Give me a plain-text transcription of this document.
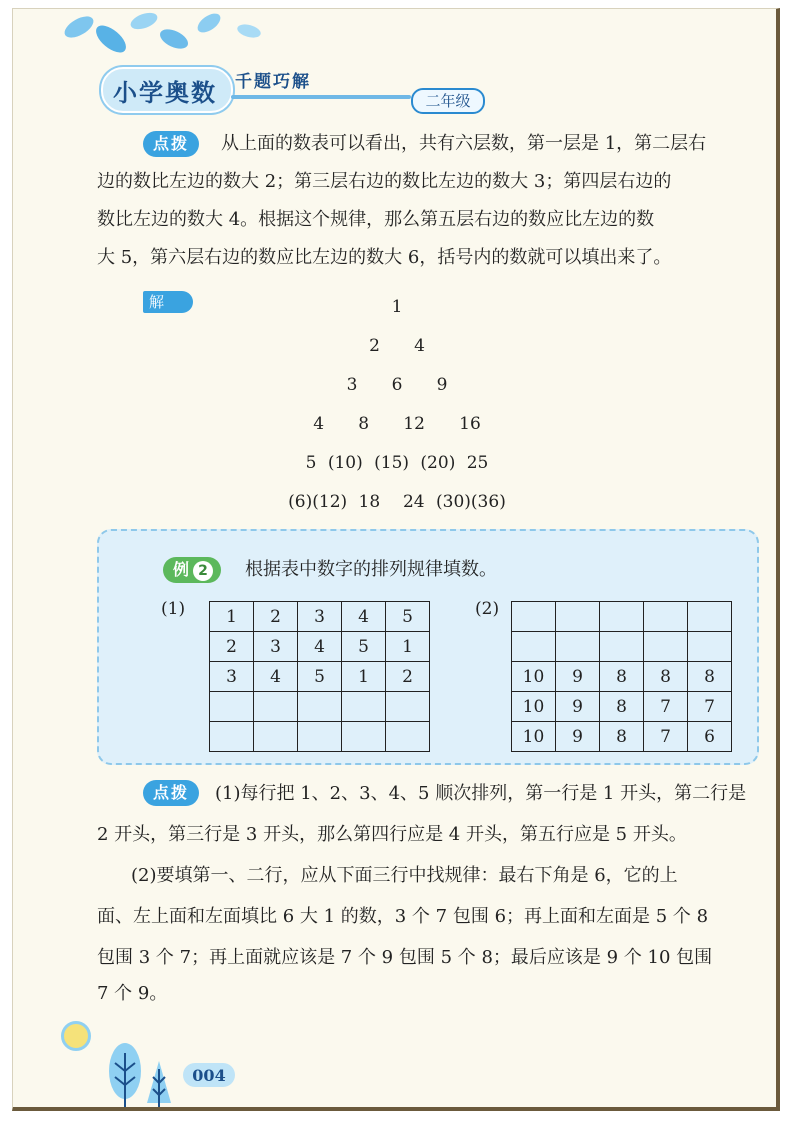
小学奥数 千题巧解
二年级
点拨	从上面的数表可以看出，共有六层数，第一层是 1，第二层右
边的数比左边的数大 2；第三层右边的数比左边的数大 3；第四层右边的
数比左边的数大 4。根据这个规律，那么第五层右边的数应比左边的数
大 5，第六层右边的数应比左边的数大 6，括号内的数就可以填出来了。
解	1
2   4
3   6   9
4   8   12   16
5 (10) (15) (20) 25
(6)(12) 18  24 (30)(36)
例 2	根据表中数字的排列规律填数。
(1) 1	2	3	4	5
2	3	4	5	1
3	4	5	1	2

(2)

10	9	8	8	8
10	9	8	7	7
10	9	8	7	6
点拨	(1)每行把 1、2、3、4、5 顺次排列，第一行是 1 开头，第二行是
2 开头，第三行是 3 开头，那么第四行应是 4 开头，第五行应是 5 开头。
(2)要填第一、二行，应从下面三行中找规律：最右下角是 6，它的上
面、左上面和左面填比 6 大 1 的数，3 个 7 包围 6；再上面和左面是 5 个 8
包围 3 个 7；再上面就应该是 7 个 9 包围 5 个 8；最后应该是 9 个 10 包围
7 个 9。
004
